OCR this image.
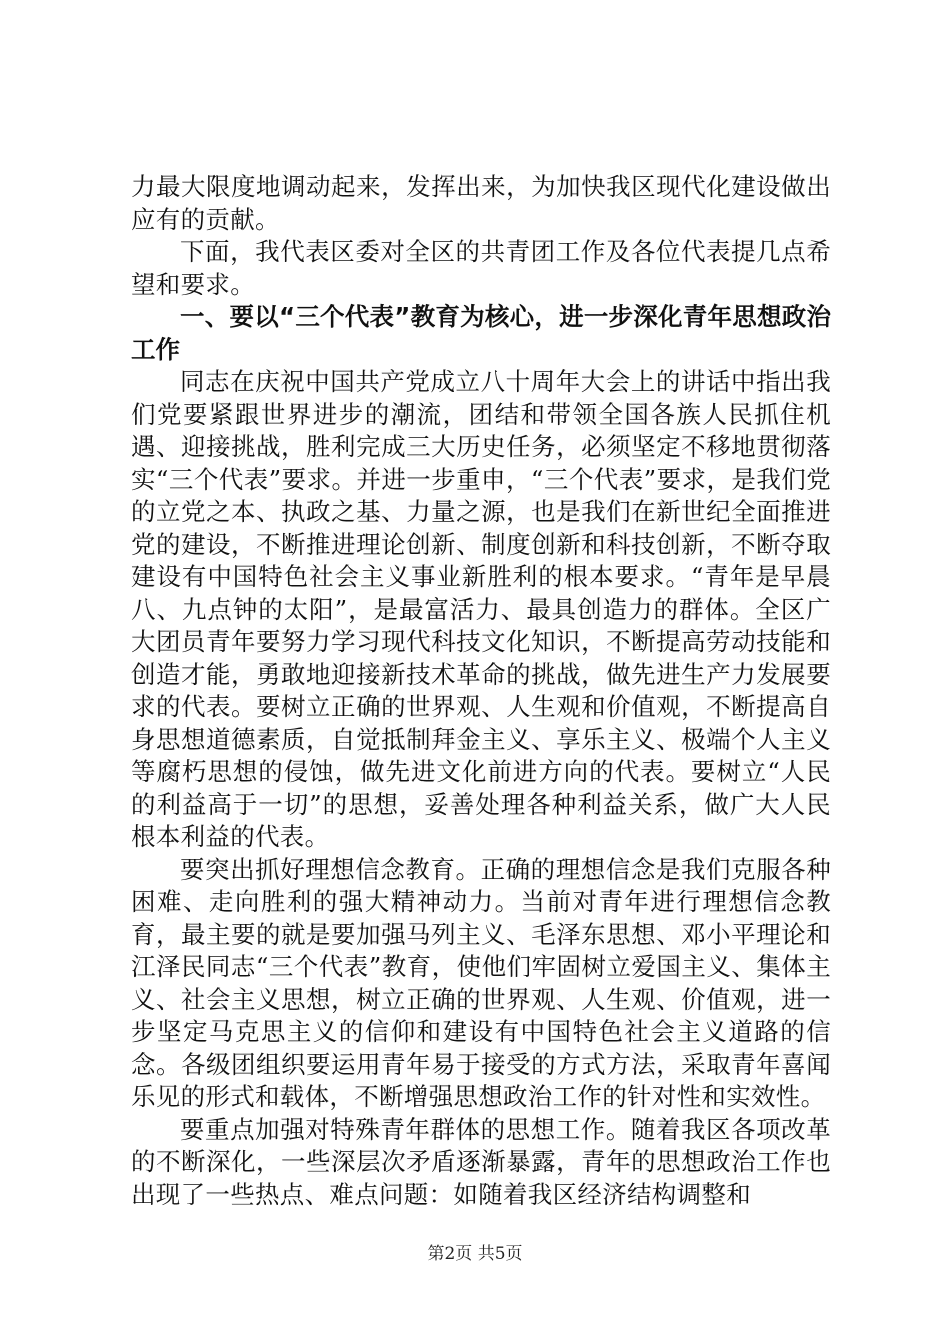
力最大限度地调动起来，发挥出来，为加快我区现代化建设做出应有的贡献。

下面，我代表区委对全区的共青团工作及各位代表提几点希望和要求。

一、要以“三个代表”教育为核心，进一步深化青年思想政治工作

同志在庆祝中国共产党成立八十周年大会上的讲话中指出我们党要紧跟世界进步的潮流，团结和带领全国各族人民抓住机遇、迎接挑战，胜利完成三大历史任务，必须坚定不移地贯彻落实“三个代表”要求。并进一步重申，“三个代表”要求，是我们党的立党之本、执政之基、力量之源，也是我们在新世纪全面推进党的建设，不断推进理论创新、制度创新和科技创新，不断夺取建设有中国特色社会主义事业新胜利的根本要求。“青年是早晨八、九点钟的太阳”，是最富活力、最具创造力的群体。全区广大团员青年要努力学习现代科技文化知识，不断提高劳动技能和创造才能，勇敢地迎接新技术革命的挑战，做先进生产力发展要求的代表。要树立正确的世界观、人生观和价值观，不断提高自身思想道德素质，自觉抵制拜金主义、享乐主义、极端个人主义等腐朽思想的侵蚀，做先进文化前进方向的代表。要树立“人民的利益高于一切”的思想，妥善处理各种利益关系，做广大人民根本利益的代表。

要突出抓好理想信念教育。正确的理想信念是我们克服各种困难、走向胜利的强大精神动力。当前对青年进行理想信念教育，最主要的就是要加强马列主义、毛泽东思想、邓小平理论和江泽民同志“三个代表”教育，使他们牢固树立爱国主义、集体主义、社会主义思想，树立正确的世界观、人生观、价值观，进一步坚定马克思主义的信仰和建设有中国特色社会主义道路的信念。各级团组织要运用青年易于接受的方式方法，采取青年喜闻乐见的形式和载体，不断增强思想政治工作的针对性和实效性。

要重点加强对特殊青年群体的思想工作。随着我区各项改革的不断深化，一些深层次矛盾逐渐暴露，青年的思想政治工作也出现了一些热点、难点问题：如随着我区经济结构调整和

第2页 共5页
